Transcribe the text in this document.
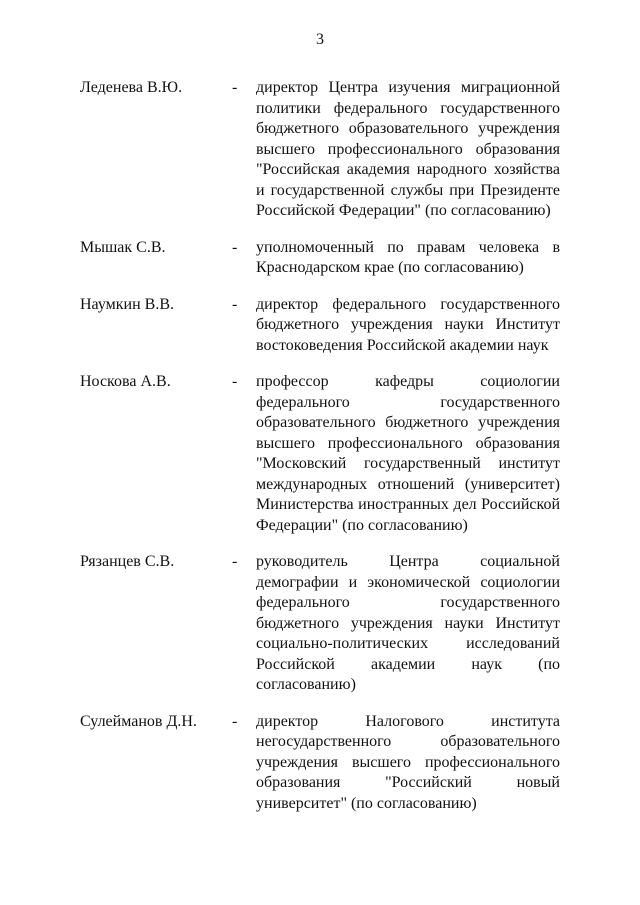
3
Леденева В.Ю.	- директор Центра изучения миграционной политики федерального государственного бюджетного образовательного учреждения высшего профессионального образования "Российская академия народного хозяйства и государственной службы при Президенте Российской Федерации" (по согласованию)
Мышак С.В.	- уполномоченный по правам человека в Краснодарском крае (по согласованию)
Наумкин В.В.	- директор федерального государственного бюджетного учреждения науки Институт востоковедения Российской академии наук
Носкова А.В.	- профессор кафедры социологии федерального государственного образовательного бюджетного учреждения высшего профессионального образования "Московский государственный институт международных отношений (университет) Министерства иностранных дел Российской Федерации" (по согласованию)
Рязанцев С.В.	- руководитель Центра социальной демографии и экономической социологии федерального государственного бюджетного учреждения науки Институт социально-политических исследований Российской академии наук (по согласованию)
Сулейманов Д.Н. - директор Налогового института негосударственного образовательного учреждения высшего профессионального образования "Российский новый университет" (по согласованию)
